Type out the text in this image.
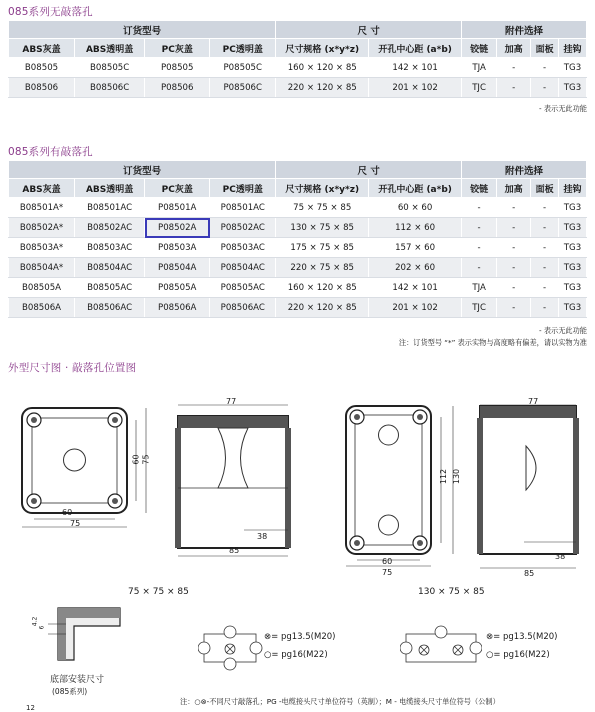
085系列无敲落孔
订货型号				尺 寸		附件选择			
ABS灰盖	ABS透明盖	PC灰盖	PC透明盖	尺寸规格 (x*y*z)	开孔中心距 (a*b)	铰链	加高	面板	挂钩
B08505	B08505C	P08505	P08505C	160 × 120 × 85	142 × 101	TJA	-	-	TG3
B08506	B08506C	P08506	P08506C	220 × 120 × 85	201 × 102	TJC	-	-	TG3
- 表示无此功能
085系列有敲落孔
订货型号				尺 寸		附件选择			
ABS灰盖	ABS透明盖	PC灰盖	PC透明盖	尺寸规格 (x*y*z)	开孔中心距 (a*b)	铰链	加高	面板	挂钩
B08501A*	B08501AC	P08501A	P08501AC	75 × 75 × 85	60 × 60	-	-	-	TG3
B08502A*	B08502AC	P08502A	P08502AC	130 × 75 × 85	112 × 60	-	-	-	TG3
B08503A*	B08503AC	P08503A	P08503AC	175 × 75 × 85	157 × 60	-	-	-	TG3
B08504A*	B08504AC	P08504A	P08504AC	220 × 75 × 85	202 × 60	-	-	-	TG3
B08505A	B08505AC	P08505A	P08505AC	160 × 120 × 85	142 × 101	TJA	-	-	TG3
B08506A	B08506AC	P08506A	P08506AC	220 × 120 × 85	201 × 102	TJC	-	-	TG3
- 表示无此功能
注：订货型号 “*” 表示实物与高度略有偏差，请以实物为准
外型尺寸图 · 敲落孔位置图
60
75
60 75
77
38
85
75 × 75 × 85
60
75
112 130
77
38
85
130 × 75 × 85
4.2
6
底部安装尺寸
(085系列)
⊗= pg13.5(M20)
○= pg16(M22)
⊗= pg13.5(M20)
○= pg16(M22)
注：○⊗-不同尺寸敲落孔；PG -电缆接头尺寸单位符号（英制）；M - 电缆接头尺寸单位符号（公制）
12
